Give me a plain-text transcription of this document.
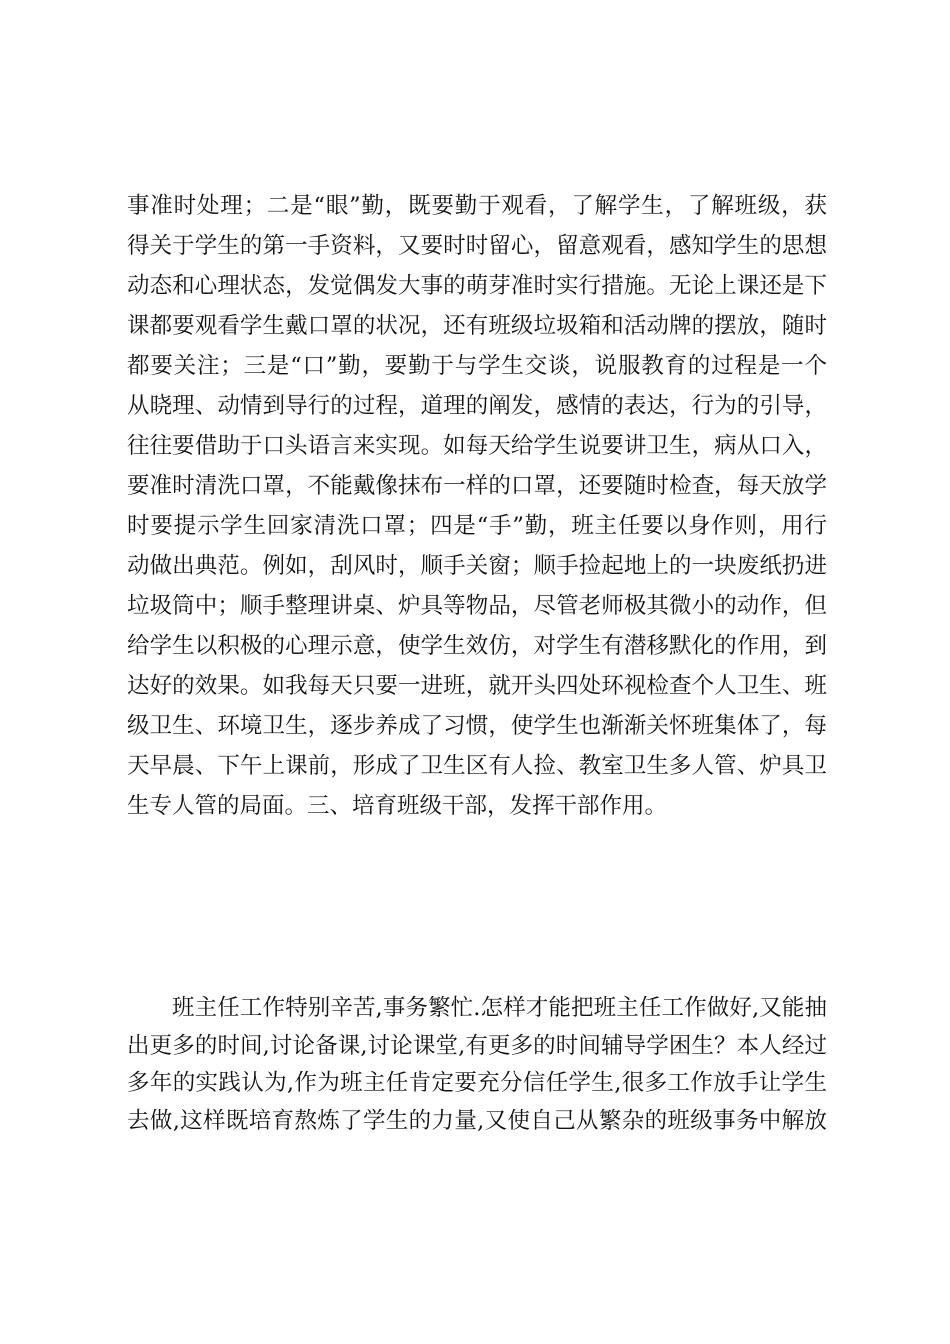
事准时处理；二是“眼”勤，既要勤于观看，了解学生，了解班级，获
得关于学生的第一手资料，又要时时留心，留意观看，感知学生的思想
动态和心理状态，发觉偶发大事的萌芽准时实行措施。无论上课还是下
课都要观看学生戴口罩的状况，还有班级垃圾箱和活动牌的摆放，随时
都要关注；三是“口”勤，要勤于与学生交谈，说服教育的过程是一个
从晓理、动情到导行的过程，道理的阐发，感情的表达，行为的引导，
往往要借助于口头语言来实现。如每天给学生说要讲卫生，病从口入，
要准时清洗口罩，不能戴像抹布一样的口罩，还要随时检查，每天放学
时要提示学生回家清洗口罩；四是“手”勤，班主任要以身作则，用行
动做出典范。例如，刮风时，顺手关窗；顺手捡起地上的一块废纸扔进
垃圾筒中；顺手整理讲桌、炉具等物品，尽管老师极其微小的动作，但
给学生以积极的心理示意，使学生效仿，对学生有潜移默化的作用，到
达好的效果。如我每天只要一进班，就开头四处环视检查个人卫生、班
级卫生、环境卫生，逐步养成了习惯，使学生也渐渐关怀班集体了，每
天早晨、下午上课前，形成了卫生区有人捡、教室卫生多人管、炉具卫
生专人管的局面。三、培育班级干部，发挥干部作用。
班主任工作特别辛苦,事务繁忙.怎样才能把班主任工作做好,又能抽
出更多的时间,讨论备课,讨论课堂,有更多的时间辅导学困生？本人经过
多年的实践认为,作为班主任肯定要充分信任学生,很多工作放手让学生
去做,这样既培育熬炼了学生的力量,又使自己从繁杂的班级事务中解放
